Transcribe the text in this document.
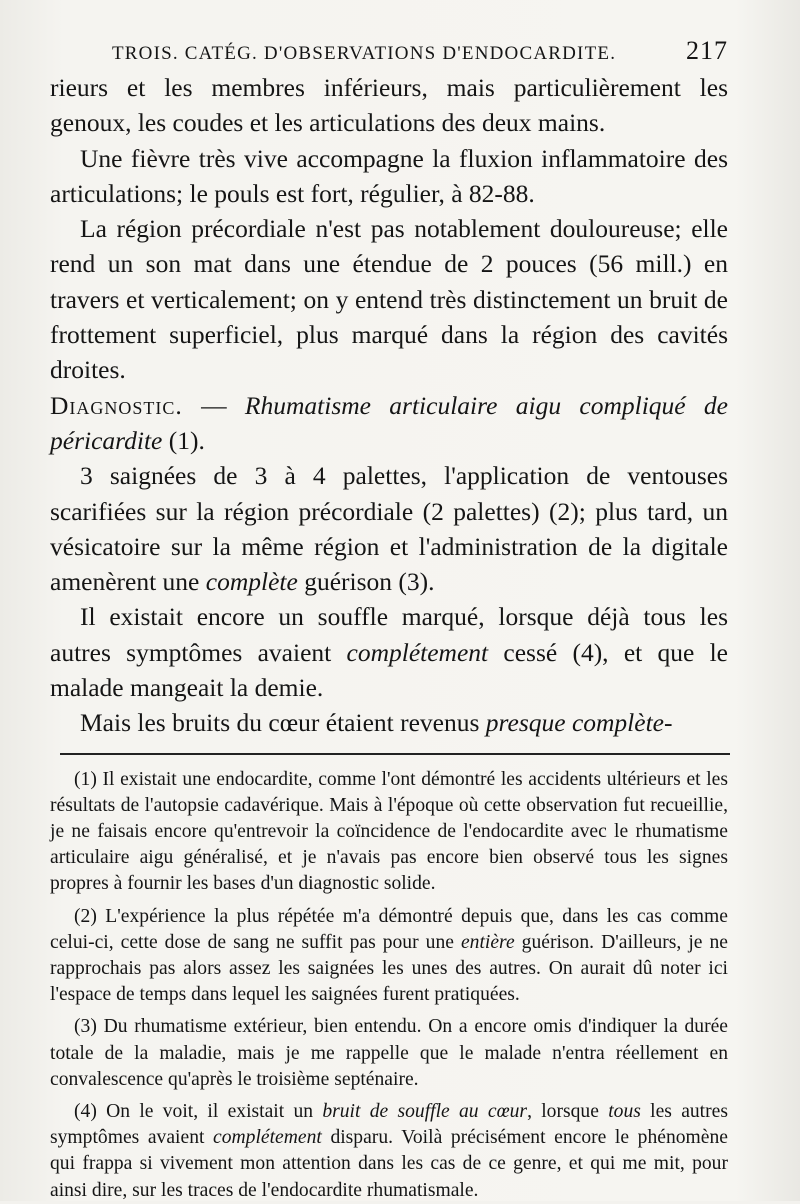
TROIS. CATÉG. D'OBSERVATIONS D'ENDOCARDITE.	217

rieurs et les membres inférieurs, mais particulièrement les genoux, les coudes et les articulations des deux mains.

Une fièvre très vive accompagne la fluxion inflammatoire des articulations; le pouls est fort, régulier, à 82-88.

La région précordiale n'est pas notablement douloureuse; elle rend un son mat dans une étendue de 2 pouces (56 mill.) en travers et verticalement; on y entend très distinctement un bruit de frottement superficiel, plus marqué dans la région des cavités droites.

Diagnostic. — Rhumatisme articulaire aigu compliqué de péricardite (1).

3 saignées de 3 à 4 palettes, l'application de ventouses scarifiées sur la région précordiale (2 palettes) (2); plus tard, un vésicatoire sur la même région et l'administration de la digitale amenèrent une complète guérison (3).

Il existait encore un souffle marqué, lorsque déjà tous les autres symptômes avaient complétement cessé (4), et que le malade mangeait la demie.

Mais les bruits du cœur étaient revenus presque complète-

(1) Il existait une endocardite, comme l'ont démontré les accidents ultérieurs et les résultats de l'autopsie cadavérique. Mais à l'époque où cette observation fut recueillie, je ne faisais encore qu'entrevoir la coïncidence de l'endocardite avec le rhumatisme articulaire aigu généralisé, et je n'avais pas encore bien observé tous les signes propres à fournir les bases d'un diagnostic solide.

(2) L'expérience la plus répétée m'a démontré depuis que, dans les cas comme celui-ci, cette dose de sang ne suffit pas pour une entière guérison. D'ailleurs, je ne rapprochais pas alors assez les saignées les unes des autres. On aurait dû noter ici l'espace de temps dans lequel les saignées furent pratiquées.

(3) Du rhumatisme extérieur, bien entendu. On a encore omis d'indiquer la durée totale de la maladie, mais je me rappelle que le malade n'entra réellement en convalescence qu'après le troisième septénaire.

(4) On le voit, il existait un bruit de souffle au cœur, lorsque tous les autres symptômes avaient complétement disparu. Voilà précisément encore le phénomène qui frappa si vivement mon attention dans les cas de ce genre, et qui me mit, pour ainsi dire, sur les traces de l'endocardite rhumatismale.
